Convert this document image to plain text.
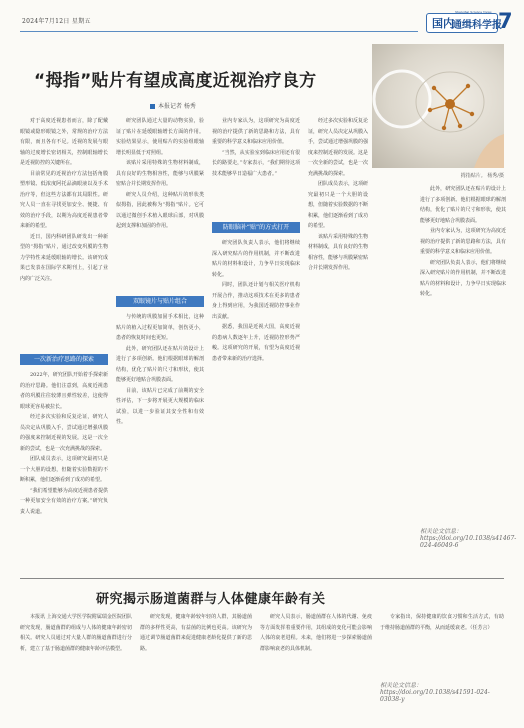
2024年7月12日 星期五	国内
Shanghai Science News
通缉科学报
7
“拇指”贴片有望成高度近视治疗良方
本报记者 杨秀
拇指贴片。 杨秀/摄

对于高度近视患者而言，除了配戴眼镜或隐形眼镜之外，常规的治疗方法有限，而且各有不足。近视的发展与眼轴的过度增长密切相关，控制眼轴增长是近视防控的关键所在。

目前常见的近视治疗方法包括角膜塑形镜、低浓度阿托品滴眼液以及手术治疗等，但这些方法都有其局限性。研究人员一直在寻找更加安全、便捷、有效的治疗手段，以期为高度近视患者带来新的希望。

近日，国内科研团队研发出一种新型的“拇指”贴片，通过改变巩膜的生物力学特性来延缓眼轴的增长。该研究成果已发表在国际学术期刊上，引起了业内的广泛关注。

一次新治疗思路的探索

2022年，研究团队开始着手探索新的治疗思路。他们注意到，高度近视患者的巩膜往往较薄且弹性较差，这使得眼球更容易被拉长。

经过多次实验和反复论证，研究人员决定从巩膜入手，尝试通过增强巩膜的强度来控制近视的发展。这是一次全新的尝试，也是一次充满挑战的探索。

团队成员表示，这项研究最初只是一个大胆的设想，但随着实验数据的不断积累，他们逐渐看到了成功的希望。

“我们希望能够为高度近视患者提供一种更加安全有效的治疗方案。”研究负责人说道。

研究团队通过大量的动物实验，验证了贴片在延缓眼轴增长方面的作用。实验结果显示，使用贴片的实验组眼轴增长明显低于对照组。

该贴片采用特殊的生物材料制成，具有良好的生物相容性，能够与巩膜紧密贴合并长期发挥作用。

研究人员介绍，这种贴片的形状类似拇指，因此被称为“拇指”贴片。它可以通过微创手术植入眼球后部，对巩膜起到支撑和加固的作用。

双眼镜片与贴片组合

与传统的巩膜加固手术相比，这种贴片的植入过程更加简单，创伤更小，患者的恢复时间也更短。

此外，研究团队还在贴片的设计上进行了多项创新。他们根据眼球的解剖结构，优化了贴片的尺寸和形状，使其能够更好地贴合巩膜表面。

目前，该贴片已完成了前期的安全性评估，下一步将开展更大规模的临床试验，以进一步验证其安全性和有效性。

业内专家认为，这项研究为高度近视的治疗提供了新的思路和方法，具有重要的科学意义和临床应用价值。

“当然，从实验室到临床应用还有很长的路要走，”专家表示，“我们期待这项技术能够早日造福广大患者。”

防眼脑补“贴”的方式打开

研究团队负责人表示，他们将继续深入研究贴片的作用机制，并不断改进贴片的材料和设计，力争早日实现临床转化。

同时，团队还计划与相关医疗机构开展合作，推动这项技术在更多的患者身上得到应用，为我国近视防控事业作出贡献。

据悉，我国是近视大国，高度近视的患病人数逐年上升，近视防控形势严峻。这项研究的开展，有望为高度近视患者带来新的治疗选择。

经过多次实验和反复论证，研究人员决定从巩膜入手，尝试通过增强巩膜的强度来控制近视的发展。这是一次全新的尝试，也是一次充满挑战的探索。

团队成员表示，这项研究最初只是一个大胆的设想，但随着实验数据的不断积累，他们逐渐看到了成功的希望。

该贴片采用特殊的生物材料制成，具有良好的生物相容性，能够与巩膜紧密贴合并长期发挥作用。

此外，研究团队还在贴片的设计上进行了多项创新。他们根据眼球的解剖结构，优化了贴片的尺寸和形状，使其能够更好地贴合巩膜表面。

业内专家认为，这项研究为高度近视的治疗提供了新的思路和方法，具有重要的科学意义和临床应用价值。

研究团队负责人表示，他们将继续深入研究贴片的作用机制，并不断改进贴片的材料和设计，力争早日实现临床转化。

相关论文信息：https://doi.org/10.1038/s41467-024-46049-6
研究揭示肠道菌群与人体健康年龄有关

本报讯 上海交通大学医学院附属瑞金医院团队研究发现，肠道菌群的组成与人体的健康年龄密切相关。研究人员通过对大量人群的肠道菌群进行分析，建立了基于肠道菌群的健康年龄评估模型。

研究发现，健康年龄较年轻的人群，其肠道菌群的多样性更高，有益菌的比例也更高。该研究为通过调节肠道菌群来促进健康老龄化提供了新的思路。

研究人员表示，肠道菌群在人体的代谢、免疫等方面发挥着重要作用，其组成的变化可能会影响人体的衰老进程。未来，他们将进一步探索肠道菌群影响衰老的具体机制。

专家指出，保持健康的饮食习惯和生活方式，有助于维持肠道菌群的平衡，从而延缓衰老。（任芳言）

相关论文信息：https://doi.org/10.1038/s41591-024-03038-y
